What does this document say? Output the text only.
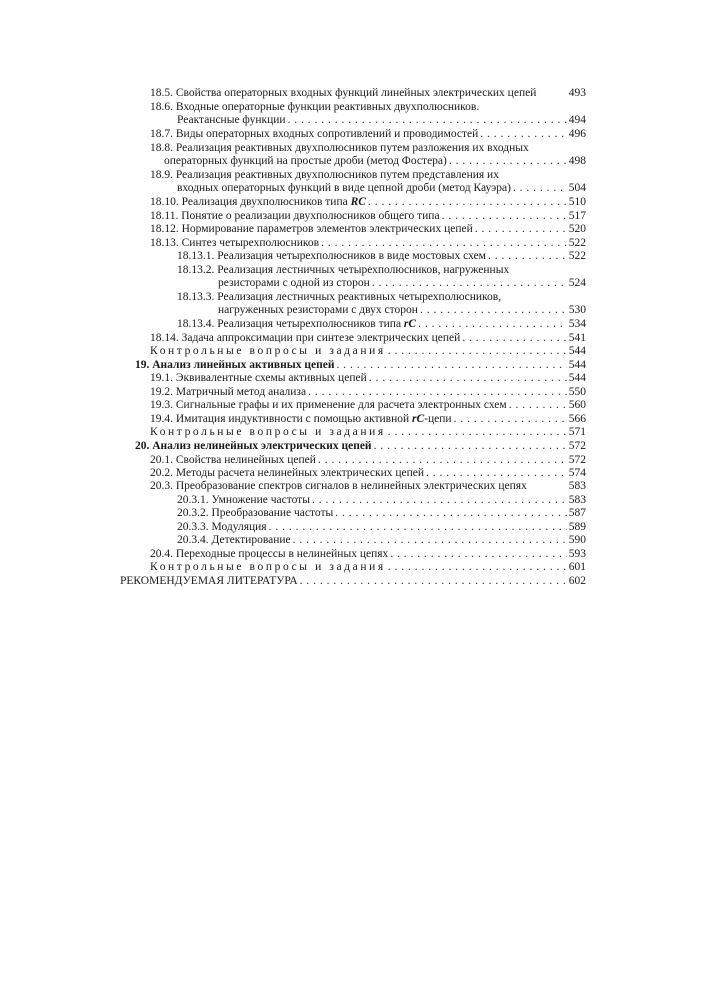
18.5. Свойства операторных входных функций линейных электрических цепей	493
18.6. Входные операторные функции реактивных двухполюсников.
Реактансные функции . . .	494
18.7. Виды операторных входных сопротивлений и проводимостей . . .	496
18.8. Реализация реактивных двухполюсников путем разложения их входных
операторных функций на простые дроби (метод Фостера) . . .	498
18.9. Реализация реактивных двухполюсников путем представления их
входных операторных функций в виде цепной дроби (метод Кауэра) . . .	504
18.10. Реализация двухполюсников типа RC . . .	510
18.11. Понятие о реализации двухполюсников общего типа . . .	517
18.12. Нормирование параметров элементов электрических цепей . . .	520
18.13. Синтез четырехполюсников . . .	522
18.13.1. Реализация четырехполюсников в виде мостовых схем . . .	522
18.13.2. Реализация лестничных четырехполюсников, нагруженных
резисторами с одной из сторон . . .	524
18.13.3. Реализация лестничных реактивных четырехполюсников,
нагруженных резисторами с двух сторон . . .	530
18.13.4. Реализация четырехполюсников типа rC . . .	534
18.14. Задача аппроксимации при синтезе электрических цепей . . .	541
Контрольные вопросы и задания . . .	544
19. Анализ линейных активных цепей . . .	544
19.1. Эквивалентные схемы активных цепей . . .	544
19.2. Матричный метод анализа . . .	550
19.3. Сигнальные графы и их применение для расчета электронных схем . . .	560
19.4. Имитация индуктивности с помощью активной rC-цепи . . .	566
Контрольные вопросы и задания . . .	571
20. Анализ нелинейных электрических цепей . . .	572
20.1. Свойства нелинейных цепей . . .	572
20.2. Методы расчета нелинейных электрических цепей . . .	574
20.3. Преобразование спектров сигналов в нелинейных электрических цепях	583
20.3.1. Умножение частоты . . .	583
20.3.2. Преобразование частоты . . .	587
20.3.3. Модуляция . . .	589
20.3.4. Детектирование . . .	590
20.4. Переходные процессы в нелинейных цепях . . .	593
Контрольные вопросы и задания . . .	601
РЕКОМЕНДУЕМАЯ ЛИТЕРАТУРА . . .	602
